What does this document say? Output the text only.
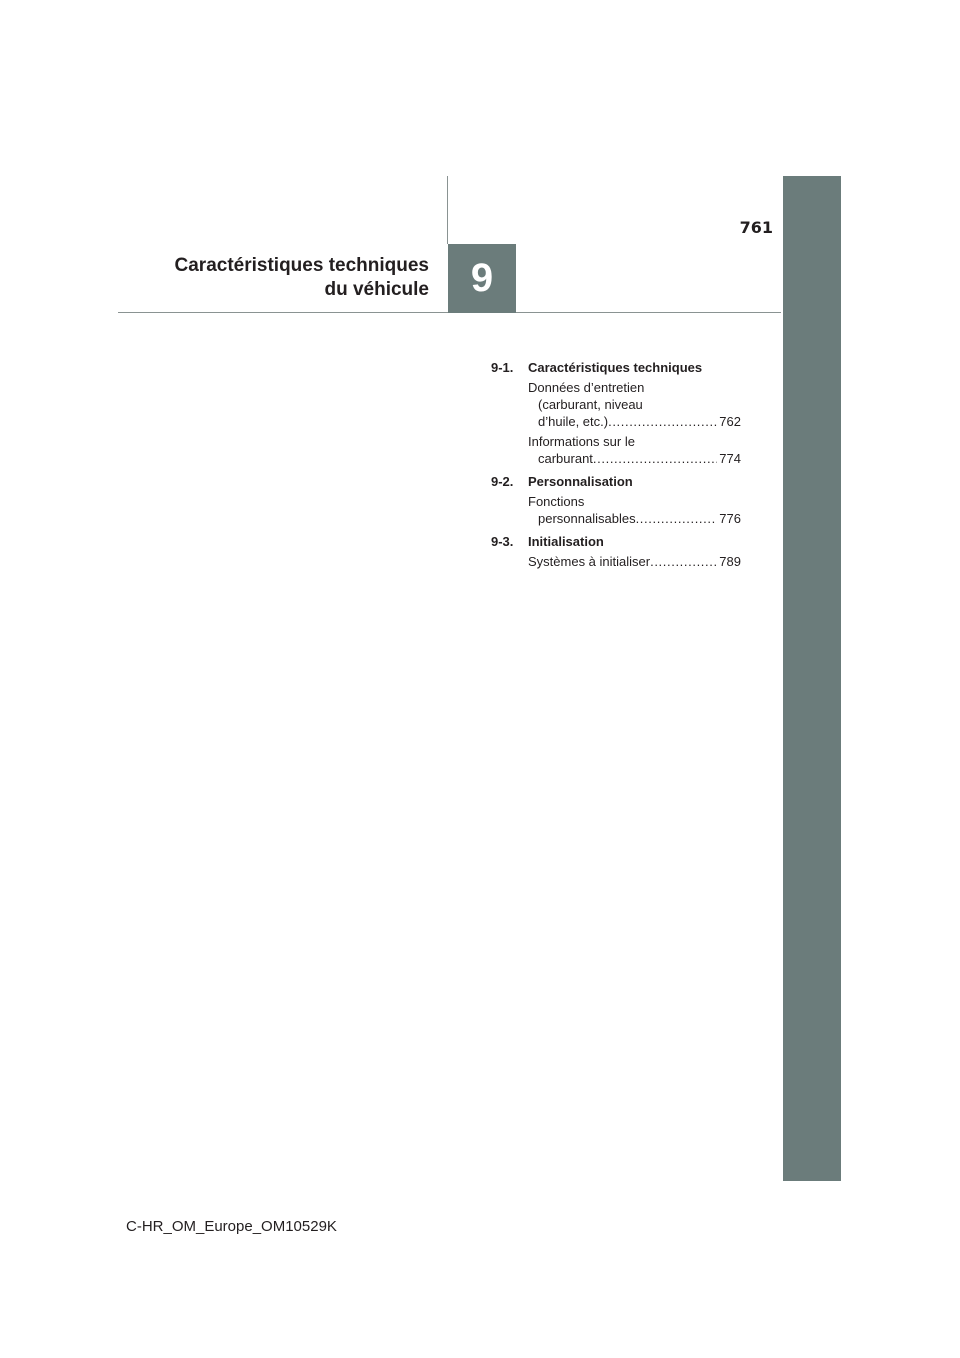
761
9
Caractéristiques techniques
du véhicule
9-1. Caractéristiques techniques
Données d’entretien
(carburant, niveau
d’huile, etc.) . . .	762
Informations sur le
carburant . . .	774
9-2. Personnalisation
Fonctions
personnalisables . . .	776
9-3. Initialisation
Systèmes à initialiser . . .	789
C-HR_OM_Europe_OM10529K
